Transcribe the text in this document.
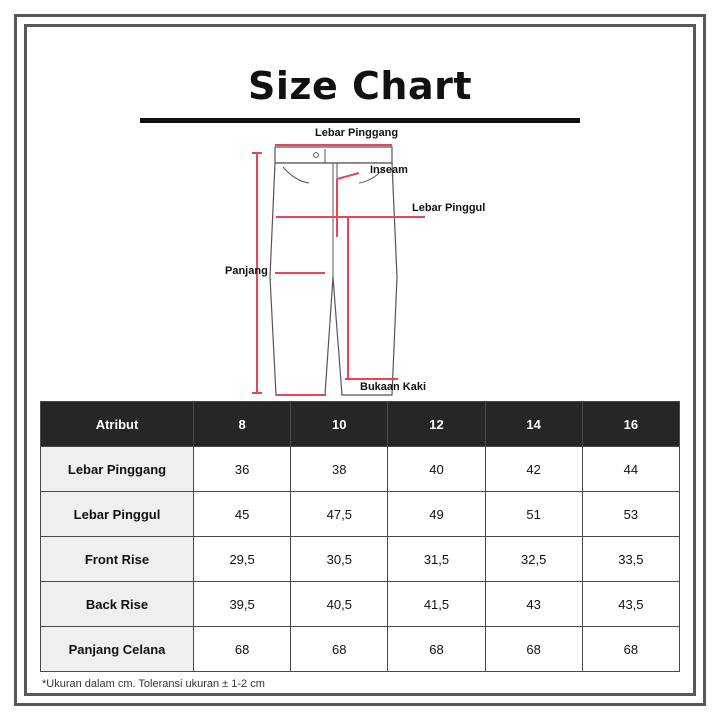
Size Chart
Lebar Pinggang
Inseam
Lebar Pinggul
Panjang
Bukaan Kaki
Atribut	8	10	12	14	16
Lebar Pinggang	36	38	40	42	44
Lebar Pinggul	45	47,5	49	51	53
Front Rise	29,5	30,5	31,5	32,5	33,5
Back Rise	39,5	40,5	41,5	43	43,5
Panjang Celana	68	68	68	68	68
*Ukuran dalam cm. Toleransi ukuran ± 1-2 cm
